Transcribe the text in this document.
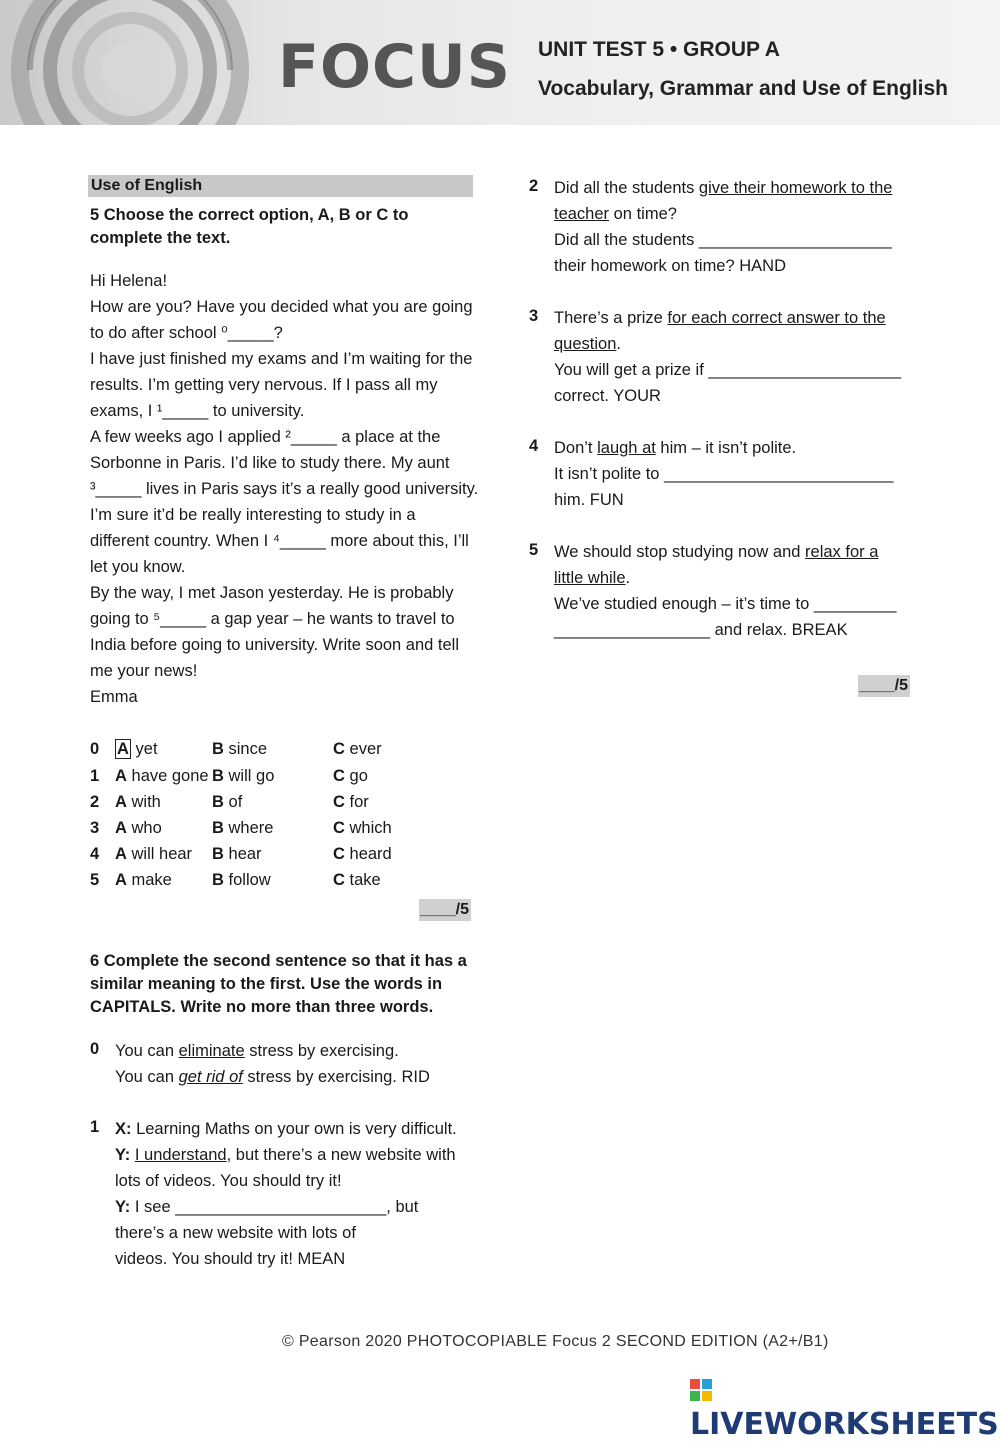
FOCUS UNIT TEST 5 • GROUP A
Vocabulary, Grammar and Use of English
Use of English
5 Choose the correct option, A, B or C to complete the text.
Hi Helena!
How are you? Have you decided what you are going
to do after school ⁰_____?
I have just finished my exams and I’m waiting for the
results. I’m getting very nervous. If I pass all my
exams, I ¹_____ to university.
A few weeks ago I applied ²_____ a place at the
Sorbonne in Paris. I’d like to study there. My aunt
³_____ lives in Paris says it’s a really good university.
I’m sure it’d be really interesting to study in a
different country. When I ⁴_____ more about this, I’ll
let you know.
By the way, I met Jason yesterday. He is probably
going to ⁵_____ a gap year – he wants to travel to
India before going to university. Write soon and tell
me your news!
Emma
0 A yet	B since	C ever
1 A have gone B will go	C go
2 A with	B of	C for
3 A who	B where	C which
4 A will hear B hear	C heard
5 A make B follow	C take
____/5
6 Complete the second sentence so that it has a
similar meaning to the first. Use the words in
CAPITALS. Write no more than three words.
0 You can eliminate stress by exercising.
You can get rid of stress by exercising. RID
1 X: Learning Maths on your own is very difficult.
Y: I understand, but there’s a new website with
lots of videos. You should try it!
Y: I see _______________________, but
there’s a new website with lots of
videos. You should try it! MEAN
2 Did all the students give their homework to the
teacher on time?
Did all the students _____________________
their homework on time? HAND
3 There’s a prize for each correct answer to the
question.
You will get a prize if _____________________
correct. YOUR
4 Don’t laugh at him – it isn’t polite.
It isn’t polite to _________________________
him. FUN
5 We should stop studying now and relax for a
little while.
We’ve studied enough – it’s time to _________
_________________ and relax. BREAK
____/5
© Pearson 2020 PHOTOCOPIABLE Focus 2 SECOND EDITION (A2+/B1)
LIVEWORKSHEETS
